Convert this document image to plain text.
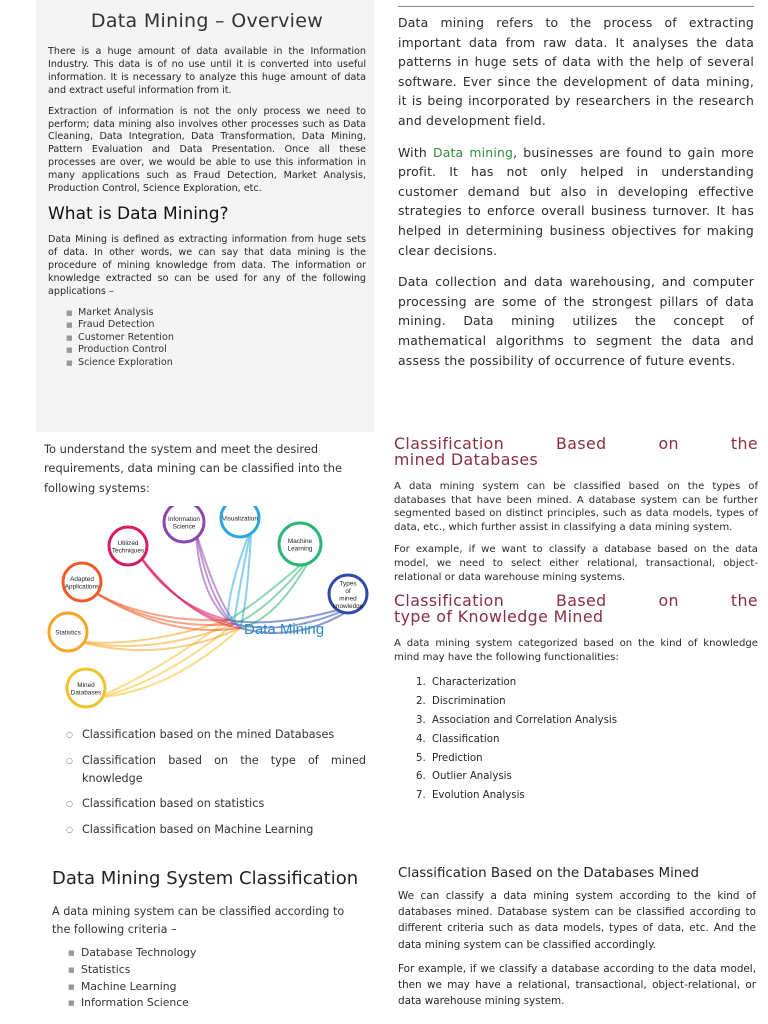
Data Mining – Overview

There is a huge amount of data available in the Information Industry. This data is of no use until it is converted into useful information. It is necessary to analyze this huge amount of data and extract useful information from it.

Extraction of information is not the only process we need to perform; data mining also involves other processes such as Data Cleaning, Data Integration, Data Transformation, Data Mining, Pattern Evaluation and Data Presentation. Once all these processes are over, we would be able to use this information in many applications such as Fraud Detection, Market Analysis, Production Control, Science Exploration, etc.

What is Data Mining?

Data Mining is defined as extracting information from huge sets of data. In other words, we can say that data mining is the procedure of mining knowledge from data. The information or knowledge extracted so can be used for any of the following applications –

■ Market Analysis
■ Fraud Detection
■ Customer Retention
■ Production Control
■ Science Exploration

Data mining refers to the process of extracting important data from raw data. It analyses the data patterns in huge sets of data with the help of several software. Ever since the development of data mining, it is being incorporated by researchers in the research and development field.

With Data mining, businesses are found to gain more profit. It has not only helped in understanding customer demand but also in developing effective strategies to enforce overall business turnover. It has helped in determining business objectives for making clear decisions.

Data collection and data warehousing, and computer processing are some of the strongest pillars of data mining. Data mining utilizes the concept of mathematical algorithms to segment the data and assess the possibility of occurrence of future events.

To understand the system and meet the desired requirements, data mining can be classified into the following systems:

Mined Databases
Statistics
Adapted Applications
Utilized Techniques
Information Science
Visualization
Machine Learning
Types of mined knowledge
Data Mining
○ Classification based on the mined Databases
○ Classification based on the type of mined knowledge
○ Classification based on statistics
○ Classification based on Machine Learning
Classification Based on the
mined Databases

A data mining system can be classified based on the types of databases that have been mined. A database system can be further segmented based on distinct principles, such as data models, types of data, etc., which further assist in classifying a data mining system.

For example, if we want to classify a database based on the data model, we need to select either relational, transactional, object-relational or data warehouse mining systems.

Classification Based on the
type of Knowledge Mined

A data mining system categorized based on the kind of knowledge mind may have the following functionalities:

1. Characterization
2. Discrimination
3. Association and Correlation Analysis
4. Classification
5. Prediction
6. Outlier Analysis
7. Evolution Analysis
Data Mining System Classification

A data mining system can be classified according to the following criteria –

■ Database Technology
■ Statistics
■ Machine Learning
■ Information Science
Classification Based on the Databases Mined

We can classify a data mining system according to the kind of databases mined. Database system can be classified according to different criteria such as data models, types of data, etc. And the data mining system can be classified accordingly.

For example, if we classify a database according to the data model, then we may have a relational, transactional, object-relational, or data warehouse mining system.
